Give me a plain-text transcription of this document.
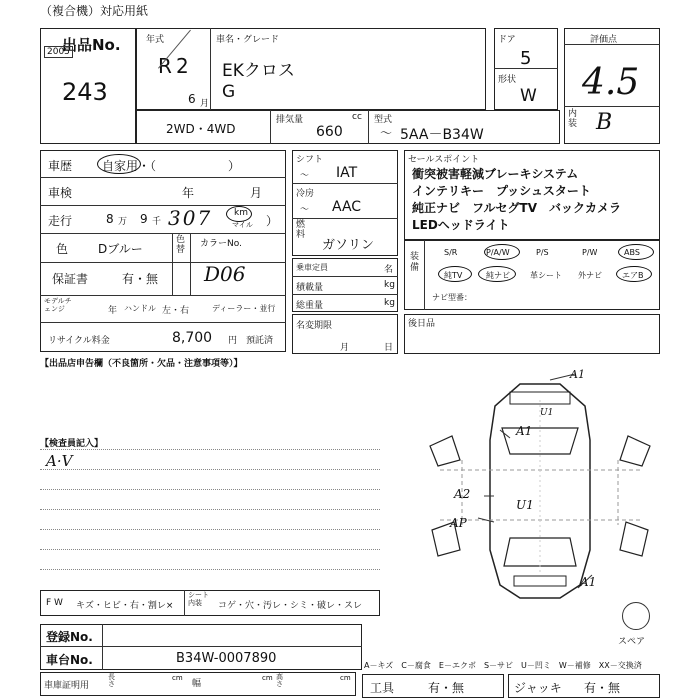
（複合機）対応用紙
出品No.
2005
243
年式
R 2
6 月
車名・グレード
EKクロス
G
ドア
5
形状
W
評価点
4.5
内装 B
2WD・4WD
排気量	cc
660
型式
～ 5AA－B34W
車歴 自家用・（　　　　　　）
車検	年	月
走行	8 万 9 千 307 km
マイル ）
色 Dブルー
色替
カラーNo.
D06
保証書	有・無
モデルチェンジ	年 ハンドル 左・右	ディーラー・並行
リサイクル料金	8,700 円 預託済
シフト
～ IAT
冷房
～ AAC
燃料
ガソリン
乗車定員	名
積載量	kg
総重量	kg
名変期限
月	日
セールスポイント
衝突被害軽減ブレーキシステム
インテリキー　プッシュスタート
純正ナビ　フルセグTV　バックカメラ
LEDヘッドライト
装備
S/R	P/A/W	P/S	P/W	ABS
純TV	純ナビ	革シート	外ナビ	エアB
ナビ型番：
後日品
【出品店申告欄（不良箇所・欠品・注意事項等）】
【検査員記入】
A·V
A1
U1
A1
A2
U1
AP
A1
スペア
F W キズ・ヒビ・右・割レ×
シート内装	コゲ・穴・汚レ・シミ・破レ・スレ
登録No.
車台No.	B34W-0007890	A－キズ　C－腐食　E－エクボ　S－サビ　U－凹ミ　W－補修　XX－交換済
車庫証明用
長さ
cm
幅
cm 高さ
cm
工具	有・無	ジャッキ 有・無
